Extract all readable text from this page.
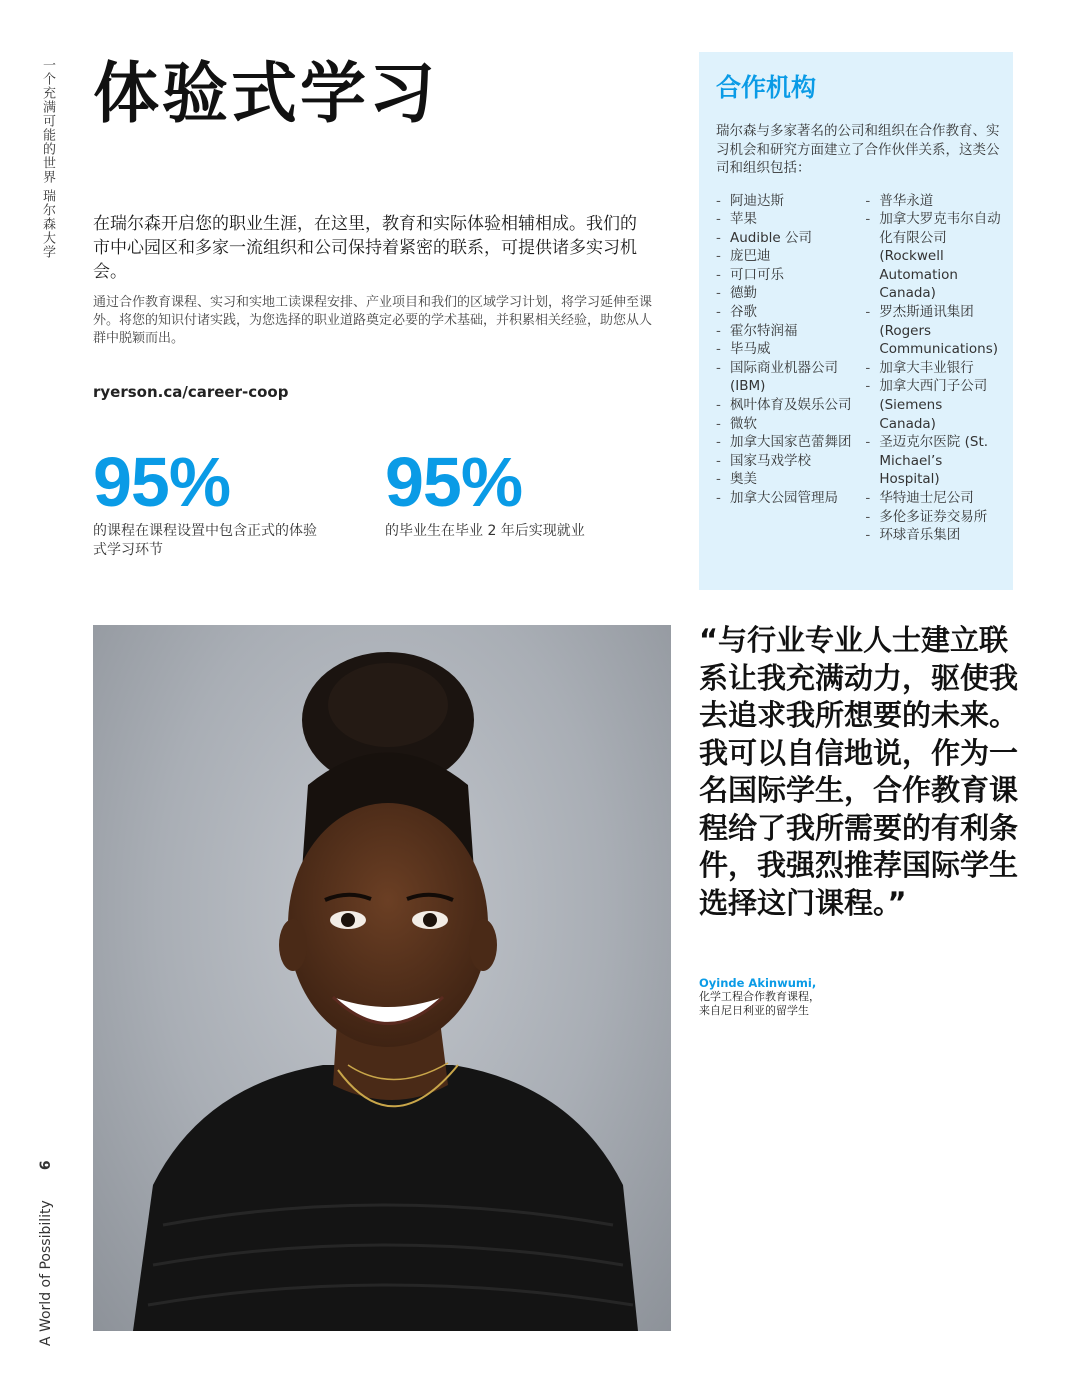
一个充满可能的世界 瑞尔森大学
A World of Possibility 6
体验式学习

在瑞尔森开启您的职业生涯，在这里，教育和实际体验相辅相成。我们的市中心园区和多家一流组织和公司保持着紧密的联系，可提供诸多实习机会。

通过合作教育课程、实习和实地工读课程安排、产业项目和我们的区域学习计划，将学习延伸至课外。将您的知识付诸实践，为您选择的职业道路奠定必要的学术基础，并积累相关经验，助您从人群中脱颖而出。

ryerson.ca/career-coop
95%
的课程在课程设置中包含正式的体验式学习环节
95%
的毕业生在毕业 2 年后实现就业
合作机构

瑞尔森与多家著名的公司和组织在合作教育、实习机会和研究方面建立了合作伙伴关系，这类公司和组织包括：

- 阿迪达斯
- 苹果
- Audible 公司
- 庞巴迪
- 可口可乐
- 德勤
- 谷歌
- 霍尔特润福
- 毕马威
- 国际商业机器公司 (IBM)
- 枫叶体育及娱乐公司
- 微软
- 加拿大国家芭蕾舞团
- 国家马戏学校
- 奥美
- 加拿大公园管理局
- 普华永道
- 加拿大罗克韦尔自动化有限公司 (Rockwell Automation Canada)
- 罗杰斯通讯集团 (Rogers Communications)
- 加拿大丰业银行
- 加拿大西门子公司 (Siemens Canada)
- 圣迈克尔医院 (St. Michael’s Hospital)
- 华特迪士尼公司
- 多伦多证券交易所
- 环球音乐集团
“与行业专业人士建立联系让我充满动力，驱使我去追求我所想要的未来。我可以自信地说，作为一名国际学生，合作教育课程给了我所需要的有利条件，我强烈推荐国际学生选择这门课程。”
Oyinde Akinwumi,
化学工程合作教育课程，
来自尼日利亚的留学生
